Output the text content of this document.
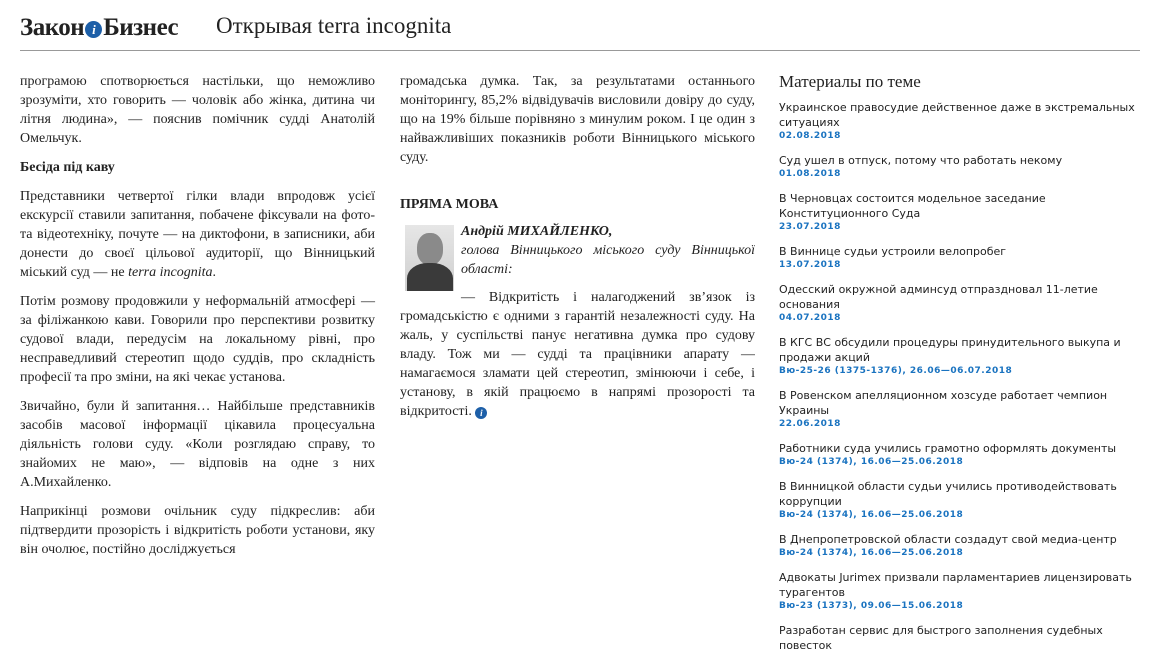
Закон i Бизнес Открывая terra incognita

програмою спотворюється настільки, що неможливо зрозуміти, хто говорить — чоловік або жінка, дитина чи літня людина», — пояснив помічник судді Анатолій Омельчук.

Бесіда під каву

Представники четвертої гілки влади впродовж усієї екскурсії ставили запитання, побачене фіксували на фото- та відеотехніку, почуте — на диктофони, в записники, аби донести до своєї цільової аудиторії, що Вінницький міський суд — не terra incognita.

Потім розмову продовжили у неформальній атмосфері — за філіжанкою кави. Говорили про перспективи розвитку судової влади, передусім на локальному рівні, про несправедливий стереотип щодо суддів, про складність професії та про зміни, на які чекає установа.

Звичайно, були й запитання… Найбільше представників засобів масової інформації цікавила процесуальна діяльність голови суду. «Коли розглядаю справу, то знайомих не маю», — відповів на одне з них А.Михайленко.

Наприкінці розмови очільник суду підкреслив: аби підтвердити прозорість і відкритість роботи установи, яку він очолює, постійно досліджується

громадська думка. Так, за результатами останнього моніторингу, 85,2% відвідувачів висловили довіру до суду, що на 19% більше порівняно з минулим роком. І це один з найважливіших показників роботи Вінницького міського суду.

ПРЯМА МОВА
Андрій МИХАЙЛЕНКО,
голова Вінницького міського суду Вінницької області:
— Відкритість і налагоджений зв’язок із громадськістю є одними з гарантій незалежності суду. На жаль, у суспільстві панує негативна думка про судову владу. Тож ми — судді та працівники апарату — намагаємося зламати цей стереотип, змінюючи і себе, і установу, в якій працюємо в напрямі прозорості та відкритості. i
Материалы по теме
Украинское правосудие действенное даже в экстремальных ситуациях
02.08.2018
Суд ушел в отпуск, потому что работать некому
01.08.2018
В Черновцах состоится модельное заседание Конституционного Суда
23.07.2018
В Виннице судьи устроили велопробег
13.07.2018
Одесский окружной админсуд отпраздновал 11-летие основания
04.07.2018
В КГС ВС обсудили процедуры принудительного выкупа и продажи акций
Вю-25-26 (1375-1376), 26.06—06.07.2018
В Ровенском апелляционном хозсуде работает чемпион Украины
22.06.2018
Работники суда учились грамотно оформлять документы
Вю-24 (1374), 16.06—25.06.2018
В Винницкой области судьи учились противодействовать коррупции
Вю-24 (1374), 16.06—25.06.2018
В Днепропетровской области создадут свой медиа-центр
Вю-24 (1374), 16.06—25.06.2018
Адвокаты Jurimex призвали парламентариев лицензировать турагентов
Вю-23 (1373), 09.06—15.06.2018
Разработан сервис для быстрого заполнения судебных повесток
